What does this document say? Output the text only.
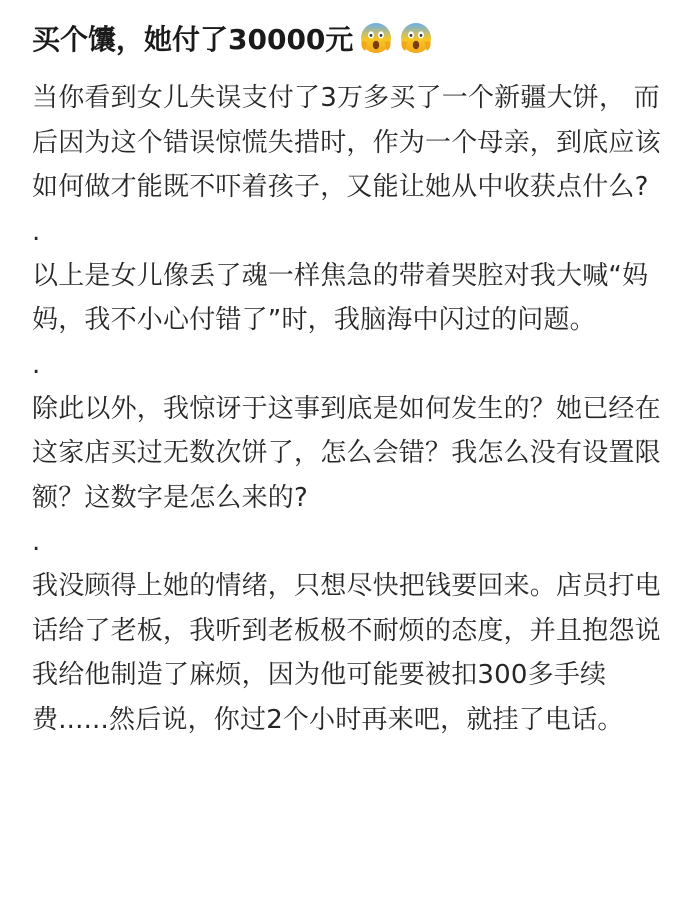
买个馕，她付了30000元

当你看到女儿失误支付了3万多买了一个新疆大饼， 而后因为这个错误惊慌失措时，作为一个母亲，到底应该如何做才能既不吓着孩子，又能让她从中收获点什么?

.

以上是女儿像丢了魂一样焦急的带着哭腔对我大喊“妈妈，我不小心付错了”时，我脑海中闪过的问题。

.

除此以外，我惊讶于这事到底是如何发生的？她已经在这家店买过无数次饼了，怎么会错？我怎么没有设置限额？这数字是怎么来的?

.

我没顾得上她的情绪，只想尽快把钱要回来。店员打电话给了老板，我听到老板极不耐烦的态度，并且抱怨说我给他制造了麻烦，因为他可能要被扣300多手续费......然后说，你过2个小时再来吧，就挂了电话。
